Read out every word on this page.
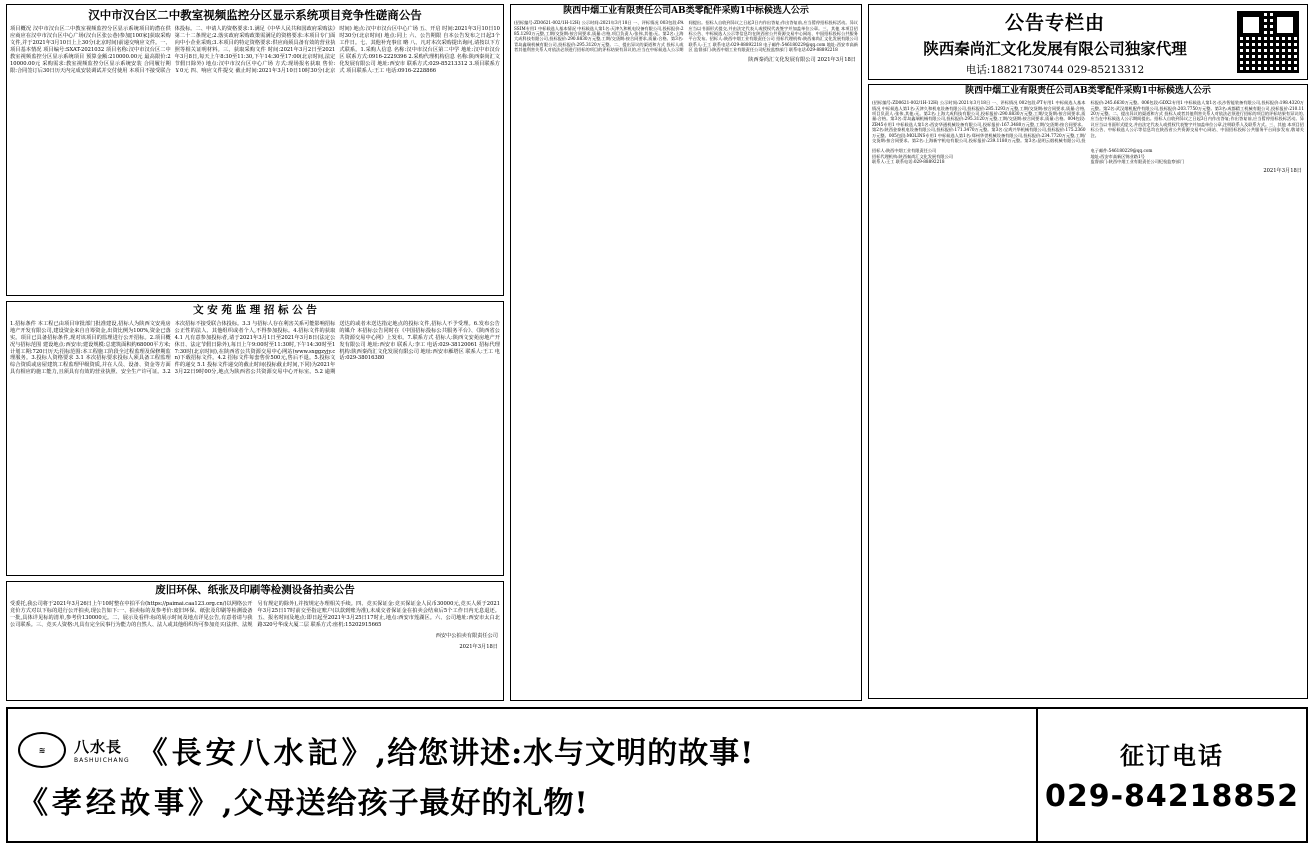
汉中市汉台区二中教室视频监控分区显示系统项目竞争性磋商公告
项目概况 汉中市汉台区二中教室视频监控分区显示系统项目的潜在供应商应在汉中市汉台区中心广场(汉台区张公巷)参加[100家]获取采购文件,并于2021年3月10日上上30分(北京时间)前递交响应文件。一、项目基本情况 项目编号:SXAT-2021032 项目名称:汉中市汉台区二中教室视频监控分区显示系统项目 预算金额:210000.00元 最高限价:210000.00元 采购需求:教室视频监控分区显示系统安装 合同履行期限:合同签订后30日历天内完成安装调试并交付使用 本项目不接受联合体投标。二、申请人的资格要求:1.满足《中华人民共和国政府采购法》第二十二条规定;2.落实政府采购政策需满足的资格要求:本项目专门面向中小企业采购;3.本项目的特定资格要求:供应商须具备有效的营业执照等相关证明材料。三、获取采购文件 时间:2021年3月2日至2021年3月8日,每天上午8:30至11:30,下午14:30至17:00(北京时间,法定节假日除外) 地点:汉中市汉台区中心广场 方式:现场报名获取 售价:￥0元 四、响应文件提交 截止时间:2021年3月10日10时30分(北京时间) 地点:汉中市汉台区中心广场 五、开启 时间:2021年3月10日10时30分(北京时间) 地点:同上 六、公告期限 自本公告发布之日起3个工作日。七、其他补充事宜 略 八、凡对本次采购提出询问,请按以下方式联系。1.采购人信息 名称:汉中市汉台区第二中学 地址:汉中市汉台区 联系方式:0916-2229396 2.采购代理机构信息 名称:陕西秦尚汇文化发展有限公司 地址:西安市 联系方式:029-85213312 3.项目联系方式 项目联系人:王工 电话:0916-2228866
文 安 苑 监 理 招 标 公 告
1.招标条件 本工程已由项目审批部门批准建设,招标人为陕西文安苑房地产开发有限公司,建设资金来自自筹资金,出资比例为100%,资金已落实。项目已具备招标条件,现对该项目的监理进行公开招标。2.项目概况与招标范围 建设地点:西安市;建设规模:总建筑面积约68000平方米;计划工期:720日历天;招标范围:本工程施工阶段全过程监理及保修期监理服务。3.投标人资格要求 3.1 本次招标要求投标人须具备工程监理综合资质或房屋建筑工程监理甲级资质,并在人员、设备、资金等方面具有相应的施工能力,且须具有有效的营业执照、安全生产许可证。3.2 本次招标不接受联合体投标。3.3 与招标人存在利害关系可能影响招标公正性的法人、其他组织或者个人,不得参加投标。4.招标文件的获取 4.1 凡有意参加投标者,请于2021年3月1日至2021年3月8日(法定公休日、法定节假日除外),每日上午9:00时至11:30时,下午14:30时至17:30时(北京时间),在陕西省公共资源交易中心网站(www.sxggzyjy.cn)下载招标文件。4.2 招标文件每套售价500元,售后不退。5.投标文件的递交 5.1 投标文件递交的截止时间(投标截止时间,下同)为2021年3月22日9时00分,地点为陕西省公共资源交易中心开标室。5.2 逾期送达的或者未送达指定地点的投标文件,招标人不予受理。6.发布公告的媒介 本招标公告同时在《中国招标投标公共服务平台》、《陕西省公共资源交易中心网》上发布。7.联系方式 招标人:陕西文安苑房地产开发有限公司 地址:西安市 联系人:李工 电话:029-38120061 招标代理机构:陕西秦尚汇文化发展有限公司 地址:西安市雁塔区 联系人:王工 电话:029-38016380
废旧环保、纸张及印刷等检测设备拍卖公告
受委托,我公司将于2021年3月26日上午10时整在中拍平台(https://paimai.caa123.org.cn/)以网络公开竞价方式对以下标的进行公开拍卖,现公告如下:一、拍卖标的及参考价:废旧环保、纸张及印刷等检测设备一批,具体详见标的清单,参考价130000元。二、展示及看样:标的展示时间及地点详见公告,有意者请与我公司联系。三、竞买人资格:凡具有完全民事行为能力的自然人、法人或其他组织均可参加竞买(法律、法规另有规定的除外),并按规定办理相关手续。四、竞买保证金:竞买保证金人民币30000元,竞买人须于2021年3月25日17时前交至指定账户(以款到账为准),未成交者保证金在拍卖会结束后5个工作日内无息退还。五、报名时间及地点:即日起至2021年3月25日17时止,地点:西安市莲湖区。六、公司地址:西安市太白北路320号华成大厦二层 联系方式:座机:15202915665
西安中公拍卖有限责任公司
2021年3月18日
陕西中烟工业有限责任公司AB类零配件采购1中标候选人公示
(招标编号:ZD0621-002/1H-12H) 公示时间:2021年3月18日 一、评标情况 003包段:PASSIM专用1 中标候选人基本情况 中标候选人第1名:天津久和机电设备有限公司,投标报价:285.1293万元整,工期/交货期:按合同要求,质量:合格,项目负责人:张伟,其他:无。第2名:上海大成科技有限公司,投标报价:290.8830万元整,工期/交货期:按合同要求,质量:合格。第3名:青岛鑫瑞机械有限公司,投标报价:295.3120万元整。二、提出异议的渠道和方式 投标人或者其他利害关系人对依法必须进行招标的项目的评标结果有异议的,应当在中标候选人公示期间提出。招标人自收到异议之日起3日内作出答复;作出答复前,应当暂停招标投标活动。异议应当以书面形式提交,并由法定代表人或授权代表签字并加盖单位公章。三、其他 本项目招标公告、中标候选人公示等信息均在陕西省公共资源交易中心网站、中国招标投标公共服务平台发布。招标人:陕西中烟工业有限责任公司 招标代理机构:陕西秦尚汇文化发展有限公司 联系人:王工 联系电话:029-88892218 电子邮件:546180229@qq.com 地址:西安市高新区 监督部门:陕西中烟工业有限责任公司纪检监察部门 联系电话:029-88892218
陕西秦尚汇文化发展有限公司 2021年3月18日
公告专栏由
陕西秦尚汇文化发展有限公司独家代理
电话:18821730744 029-85213312
陕西中烟工业有限责任公司AB类零配件采购1中标候选人公示
(招标编号:ZD0621-002/1H-12H) 公示时间:2021年3月18日 一、评标情况 002包段:PT专用1 中标候选人基本情况 中标候选人第1名:天津久和机电设备有限公司,投标报价:285.1293万元整,工期/交货期:按合同要求,质量:合格,项目负责人:张伟,其他:无。第2名:上海大成科技有限公司,投标报价:290.8830万元整,工期/交货期:按合同要求,质量:合格。第3名:青岛鑫瑞机械有限公司,投标报价:295.3120万元整,工期/交货期:按合同要求,质量:合格。004包段:ZB45专用1 中标候选人第1名:西安华通机械设备有限公司,投标报价:167.3480万元整,工期/交货期:按合同要求。第2名:陕西金泰机电设备有限公司,投标报价:171.3470万元整。第3名:宝鸡兴华机械有限公司,投标报价:175.2360万元整。005包段:MOLINS专用1 中标候选人第1名:郑州华誉机械设备有限公司,投标报价:234.7720万元整,工期/交货期:按合同要求。第2名:上海新宇机电有限公司,投标报价:239.1180万元整。第3名:昆明云烟机械有限公司,投标报价:245.6630万元整。006包段:GDX2专用1 中标候选人第1名:长沙智能装备有限公司,投标报价:198.4320万元整。第2名:武汉烟机配件有限公司,投标报价:203.7750万元整。第3名:成都精工机械有限公司,投标报价:210.1120万元整。二、提出异议的渠道和方式 投标人或者其他利害关系人对依法必须进行招标的项目的评标结果有异议的,应当在中标候选人公示期间提出。招标人自收到异议之日起3日内作出答复;作出答复前,应当暂停招标投标活动。异议应当以书面形式提交,并由法定代表人或授权代表签字并加盖单位公章,注明联系人及联系方式。三、其他 本项目招标公告、中标候选人公示等信息均在陕西省公共资源交易中心网站、中国招标投标公共服务平台同步发布,敬请关注。
招标人:陕西中烟工业有限责任公司
招标代理机构:陕西秦尚汇文化发展有限公司
联系人:王工 联系电话:029-88892218
电子邮件:546180229@qq.com
地址:西安市高新区锦业路1号
监督部门:陕西中烟工业有限责任公司纪检监察部门
2021年3月18日
≋	八水長
BASHUICHANG 《長安八水記》,给您讲述:水与文明的故事!
《孝经故事》,父母送给孩子最好的礼物!
征订电话
029-84218852
